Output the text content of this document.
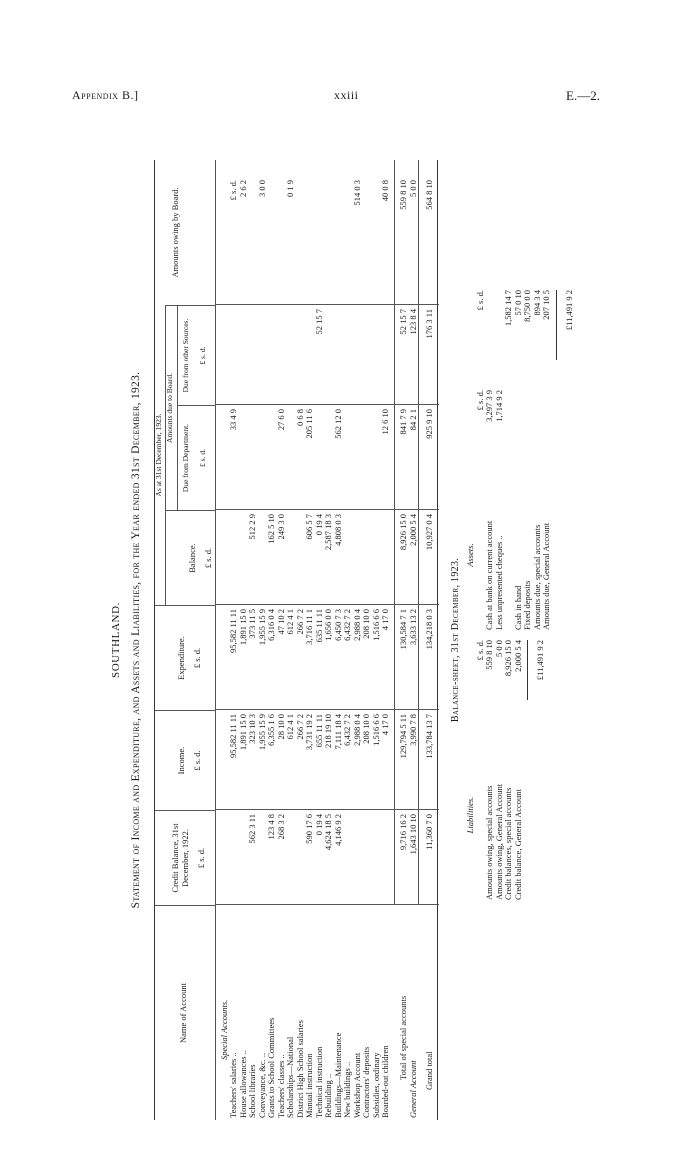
Appendix B.]	xxiii	E.—2.
SOUTHLAND. Statement of Income and Expenditure, and Assets and Liabilities, for the Year ended 31st December, 1923.
Name of Account
Credit Balance, 31st December, 1922. £ s. d.
Income. £ s. d.
Expenditure. £ s. d.
Balance. £ s. d.
As at 31st December, 1923.
Amounts due to Board.
Due from Department. £ s. d.
Due from other Sources. £ s. d.
Amounts owing by Board.
Special Accounts.
Teachers' salaries ..
95,582 11 11
95,582 11 11
33 4 9
£ s. d.
House allowances ..
1,891 15 0
1,891 15 0
2 6 2
School libraries
562 3 11
323 10 3
373 11 5
512 2 9
Conveyance, &c. ..
1,955 15 9
1,955 15 9
3 0 0
Grants to School Committees
123 4 8
6,355 1 6
6,316 0 4
162 5 10
Teachers' classes ..
268 3 2
28 10 0
47 10 2
249 3 0
27 6 0
Scholarships—National
612 4 1
612 4 1
0 1 9
District High School salaries
266 7 2
266 7 2
0 6 8
Manual instruction
590 17 6
3,731 19 2
3,716 11 1
606 5 7
205 11 6
Technical instruction
0 19 4
655 11 11
635 11 11
0 19 4
52 15 7
Rebuilding ..
4,624 18 5
218 19 10
1,656 0 0
2,587 18 3
Buildings—Maintenance
4,146 9 2
7,111 18 4
6,450 7 3
4,808 0 3
562 12 0
New buildings ..
6,432 7 2
6,432 7 2
Workshop Account
2,988 0 4
2,988 0 4
514 0 3
Contractors' deposits
208 10 0
208 10 0
Subsidies, ordinary
1,516 6 6
1,516 6 6
Boarded-out children
4 17 0
4 17 0
12 6 10
40 0 8
Total of special accounts
9,716 16 2
129,794 5 11
130,584 7 1
8,926 15 0
841 7 9
52 15 7
559 8 10
General Account
1,643 10 10
3,990 7 8
3,633 13 2
2,000 5 4
84 2 1
123 8 4
5 0 0
Grand total
11,360 7 0
133,784 13 7
134,218 0 3
10,927 0 4
925 9 10
176 3 11
564 8 10
Balance-sheet, 31st December, 1923.
Liabilities.
£ s. d.
Amounts owing, special accounts
559 8 10
Amounts owing, General Account
5 0 0
Credit balances, special accounts
8,926 15 0
Credit balance, General Account
2,000 5 4 £11,491 9 2
Assets.
£ s. d.
£ s. d.
Cash at bank on current account
3,297 3 9
Less unpresented cheques ..
1,714 9 2
1,582 14 7
Cash in hand
57 0 10
Fixed deposits
8,750 0 0
Amounts due, special accounts
894 3 4
Amounts due, General Account
207 10 5 £11,491 9 2
